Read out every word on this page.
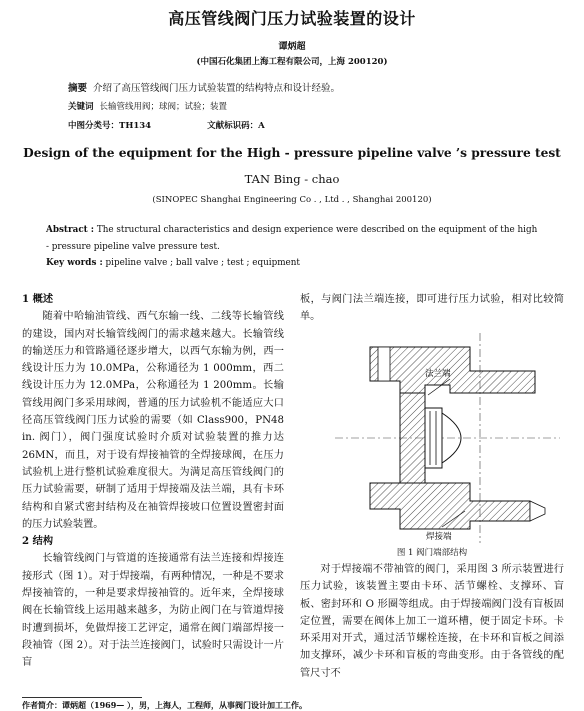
高压管线阀门压力试验装置的设计
谭炳超
(中国石化集团上海工程有限公司，上海 200120)
摘要 介绍了高压管线阀门压力试验装置的结构特点和设计经验。
关键词 长输管线用阀；球阀；试验；装置
中图分类号：TH134	文献标识码：A
Design of the equipment for the High - pressure pipeline valve ’s pressure test
TAN Bing - chao
(SINOPEC Shanghai Engineering Co . , Ltd . , Shanghai 200120)
Abstract : The structural characteristics and design experience were described on the equipment of the high - pressure pipeline valve pressure test.
Key words : pipeline valve ; ball valve ; test ; equipment
1 概述

随着中哈输油管线、西气东输一线、二线等长输管线的建设，国内对长输管线阀门的需求越来越大。长输管线的输送压力和管路通径逐步增大，以西气东输为例，西一线设计压力为 10.0MPa，公称通径为 1 000mm，西二线设计压力为 12.0MPa，公称通径为 1 200mm。长输管线用阀门多采用球阀，普通的压力试验机不能适应大口径高压管线阀门压力试验的需要（如 Class900，PN48 in. 阀门），阀门强度试验时介质对试验装置的推力达 26MN，而且，对于设有焊接袖管的全焊接球阀，在压力试验机上进行整机试验难度很大。为满足高压管线阀门的压力试验需要，研制了适用于焊接端及法兰端，具有卡环结构和自紧式密封结构及在袖管焊接坡口位置设置密封面的压力试验装置。

2 结构

长输管线阀门与管道的连接通常有法兰连接和焊接连接形式（图 1）。对于焊接端，有两种情况，一种是不要求焊接袖管的，一种是要求焊接袖管的。近年来，全焊接球阀在长输管线上运用越来越多，为防止阀门在与管道焊接时遭到损坏，免做焊接工艺评定，通常在阀门端部焊接一段袖管（图 2）。对于法兰连接阀门，试验时只需设计一片盲

板，与阀门法兰端连接，即可进行压力试验，相对比较简单。

法兰端
焊接端
图 1 阀门端部结构

对于焊接端不带袖管的阀门，采用图 3 所示装置进行压力试验，该装置主要由卡环、活节螺栓、支撑环、盲板、密封环和 O 形圈等组成。由于焊接端阀门没有盲板固定位置，需要在阀体上加工一道环槽，便于固定卡环。卡环采用对开式，通过活节螺栓连接，在卡环和盲板之间添加支撑环，减少卡环和盲板的弯曲变形。由于各管线的配管尺寸不

作者简介：谭炳超（1969— ），男，上海人，工程师，从事阀门设计加工工作。
